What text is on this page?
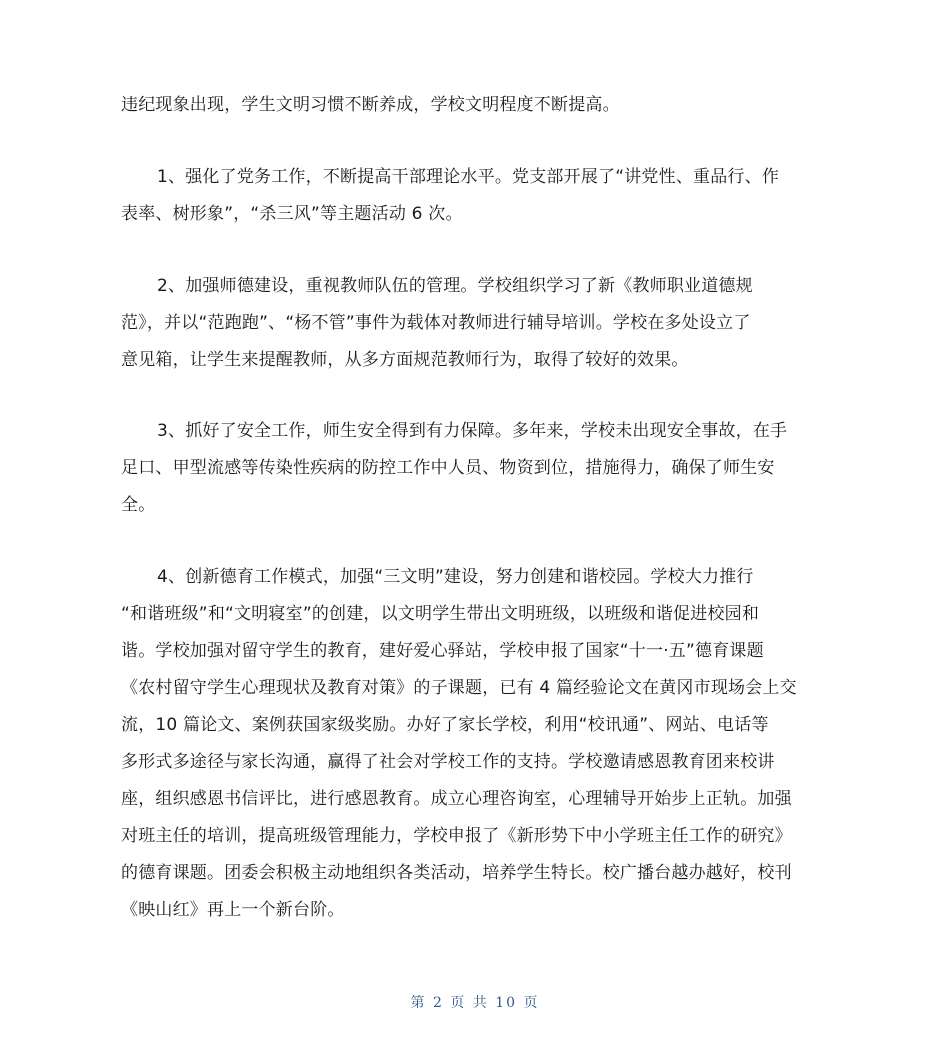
违纪现象出现，学生文明习惯不断养成，学校文明程度不断提高。
1、强化了党务工作，不断提高干部理论水平。党支部开展了“讲党性、重品行、作
表率、树形象”，“杀三风”等主题活动 6 次。
2、加强师德建设，重视教师队伍的管理。学校组织学习了新《教师职业道德规
范》，并以“范跑跑”、“杨不管”事件为载体对教师进行辅导培训。学校在多处设立了
意见箱，让学生来提醒教师，从多方面规范教师行为，取得了较好的效果。
3、抓好了安全工作，师生安全得到有力保障。多年来，学校未出现安全事故，在手
足口、甲型流感等传染性疾病的防控工作中人员、物资到位，措施得力，确保了师生安
全。
4、创新德育工作模式，加强“三文明”建设，努力创建和谐校园。学校大力推行
“和谐班级”和“文明寝室”的创建，以文明学生带出文明班级，以班级和谐促进校园和
谐。学校加强对留守学生的教育，建好爱心驿站，学校申报了国家“十一·五”德育课题
《农村留守学生心理现状及教育对策》的子课题，已有 4 篇经验论文在黄冈市现场会上交
流，10 篇论文、案例获国家级奖励。办好了家长学校，利用“校讯通”、网站、电话等
多形式多途径与家长沟通，赢得了社会对学校工作的支持。学校邀请感恩教育团来校讲
座，组织感恩书信评比，进行感恩教育。成立心理咨询室，心理辅导开始步上正轨。加强
对班主任的培训，提高班级管理能力，学校申报了《新形势下中小学班主任工作的研究》
的德育课题。团委会积极主动地组织各类活动，培养学生特长。校广播台越办越好，校刊
《映山红》再上一个新台阶。
第 2 页 共 10 页
